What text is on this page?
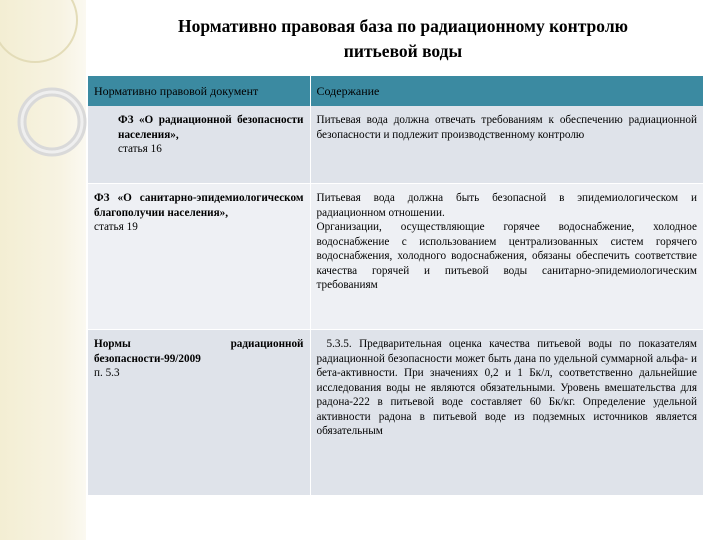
Нормативно правовая база по радиационному контролю
питьевой воды
Нормативно правовой документ	Содержание

ФЗ «О радиационной безопасности населения»,
статья 16	Питьевая вода должна отвечать требованиям к обеспечению радиационной безопасности и подлежит производственному контролю

ФЗ «О санитарно-эпидемиологическом благополучии населения»,
статья 19	Питьевая вода должна быть безопасной в эпидемиологическом и радиационном отношении.
Организации, осуществляющие горячее водоснабжение, холодное водоснабжение с использованием централизованных систем горячего водоснабжения, холодного водоснабжения, обязаны обеспечить соответствие качества горячей и питьевой воды санитарно-эпидемиологическим требованиям

Нормы радиационной безопасности-99/2009
п. 5.3	5.3.5. Предварительная оценка качества питьевой воды по показателям радиационной безопасности может быть дана по удельной суммарной альфа- и бета-активности. При значениях 0,2 и 1 Бк/л, соответственно дальнейшие исследования воды не являются обязательными. Уровень вмешательства для радона-222 в питьевой воде составляет 60 Бк/кг. Определение удельной активности радона в питьевой воде из подземных источников является обязательным
